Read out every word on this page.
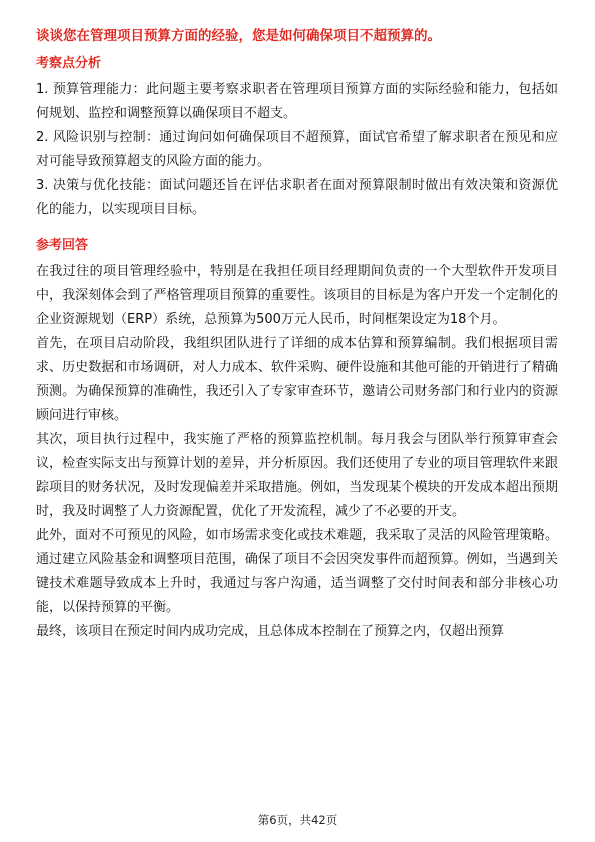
谈谈您在管理项目预算方面的经验，您是如何确保项目不超预算的。
考察点分析
1. 预算管理能力：此问题主要考察求职者在管理项目预算方面的实际经验和能力，包括如何规划、监控和调整预算以确保项目不超支。
2. 风险识别与控制：通过询问如何确保项目不超预算，面试官希望了解求职者在预见和应对可能导致预算超支的风险方面的能力。
3. 决策与优化技能：面试问题还旨在评估求职者在面对预算限制时做出有效决策和资源优化的能力，以实现项目目标。
参考回答
在我过往的项目管理经验中，特别是在我担任项目经理期间负责的一个大型软件开发项目中，我深刻体会到了严格管理项目预算的重要性。该项目的目标是为客户开发一个定制化的企业资源规划（ERP）系统，总预算为500万元人民币，时间框架设定为18个月。
首先，在项目启动阶段，我组织团队进行了详细的成本估算和预算编制。我们根据项目需求、历史数据和市场调研，对人力成本、软件采购、硬件设施和其他可能的开销进行了精确预测。为确保预算的准确性，我还引入了专家审查环节，邀请公司财务部门和行业内的资源顾问进行审核。
其次，项目执行过程中，我实施了严格的预算监控机制。每月我会与团队举行预算审查会议，检查实际支出与预算计划的差异，并分析原因。我们还使用了专业的项目管理软件来跟踪项目的财务状况，及时发现偏差并采取措施。例如，当发现某个模块的开发成本超出预期时，我及时调整了人力资源配置，优化了开发流程，减少了不必要的开支。
此外，面对不可预见的风险，如市场需求变化或技术难题，我采取了灵活的风险管理策略。通过建立风险基金和调整项目范围，确保了项目不会因突发事件而超预算。例如，当遇到关键技术难题导致成本上升时，我通过与客户沟通，适当调整了交付时间表和部分非核心功能，以保持预算的平衡。
最终，该项目在预定时间内成功完成，且总体成本控制在了预算之内，仅超出预算
第6页，共42页
